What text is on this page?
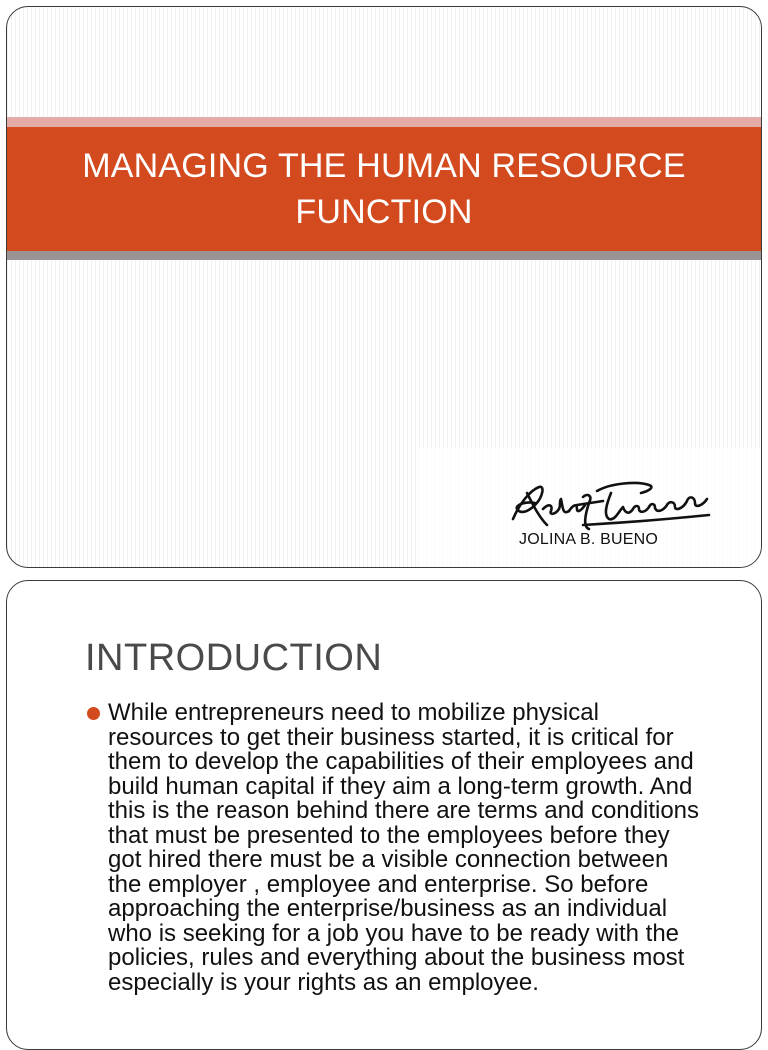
MANAGING THE HUMAN RESOURCE FUNCTION
JOLINA B. BUENO
INTRODUCTION
While entrepreneurs need to mobilize physical resources to get their business started, it is critical for them to develop the capabilities of their employees and build human capital if they aim a long-term growth. And this is the reason behind there are terms and conditions that must be presented to the employees before they got hired there must be a visible connection between the employer , employee and enterprise. So before approaching the enterprise/business as an individual who is seeking for a job you have to be ready with the policies, rules and everything about the business most especially is your rights as an employee.
